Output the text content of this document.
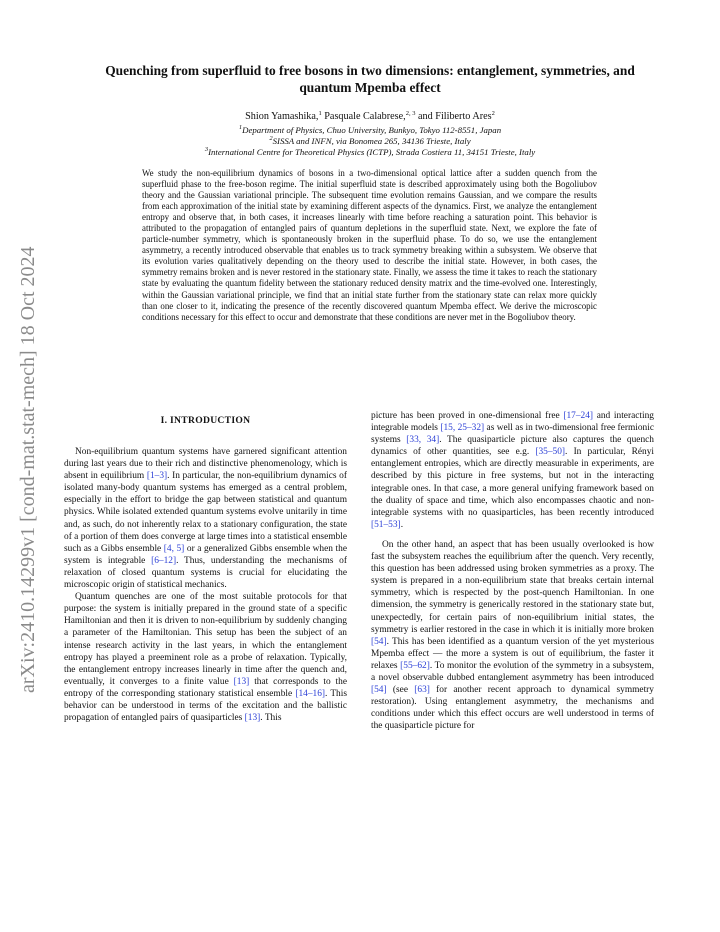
arXiv:2410.14299v1 [cond-mat.stat-mech] 18 Oct 2024
Quenching from superfluid to free bosons in two dimensions: entanglement, symmetries, and quantum Mpemba effect
Shion Yamashika,$^1$ Pasquale Calabrese,$^{2, 3}$ and Filiberto Ares$^2$
$^1$Department of Physics, Chuo University, Bunkyo, Tokyo 112-8551, Japan
$^2$SISSA and INFN, via Bonomea 265, 34136 Trieste, Italy
$^3$International Centre for Theoretical Physics (ICTP), Strada Costiera 11, 34151 Trieste, Italy
We study the non-equilibrium dynamics of bosons in a two-dimensional optical lattice after a sudden quench from the superfluid phase to the free-boson regime. The initial superfluid state is described approximately using both the Bogoliubov theory and the Gaussian variational principle. The subsequent time evolution remains Gaussian, and we compare the results from each approximation of the initial state by examining different aspects of the dynamics. First, we analyze the entanglement entropy and observe that, in both cases, it increases linearly with time before reaching a saturation point. This behavior is attributed to the propagation of entangled pairs of quantum depletions in the superfluid state. Next, we explore the fate of particle-number symmetry, which is spontaneously broken in the superfluid phase. To do so, we use the entanglement asymmetry, a recently introduced observable that enables us to track symmetry breaking within a subsystem. We observe that its evolution varies qualitatively depending on the theory used to describe the initial state. However, in both cases, the symmetry remains broken and is never restored in the stationary state. Finally, we assess the time it takes to reach the stationary state by evaluating the quantum fidelity between the stationary reduced density matrix and the time-evolved one. Interestingly, within the Gaussian variational principle, we find that an initial state further from the stationary state can relax more quickly than one closer to it, indicating the presence of the recently discovered quantum Mpemba effect. We derive the microscopic conditions necessary for this effect to occur and demonstrate that these conditions are never met in the Bogoliubov theory.
I. INTRODUCTION

Non-equilibrium quantum systems have garnered significant attention during last years due to their rich and distinctive phenomenology, which is absent in equilibrium [1–3]. In particular, the non-equilibrium dynamics of isolated many-body quantum systems has emerged as a central problem, especially in the effort to bridge the gap between statistical and quantum physics. While isolated extended quantum systems evolve unitarily in time and, as such, do not inherently relax to a stationary configuration, the state of a portion of them does converge at large times into a statistical ensemble such as a Gibbs ensemble [4, 5] or a generalized Gibbs ensemble when the system is integrable [6–12]. Thus, understanding the mechanisms of relaxation of closed quantum systems is crucial for elucidating the microscopic origin of statistical mechanics.

Quantum quenches are one of the most suitable protocols for that purpose: the system is initially prepared in the ground state of a specific Hamiltonian and then it is driven to non-equilibrium by suddenly changing a parameter of the Hamiltonian. This setup has been the subject of an intense research activity in the last years, in which the entanglement entropy has played a preeminent role as a probe of relaxation. Typically, the entanglement entropy increases linearly in time after the quench and, eventually, it converges to a finite value [13] that corresponds to the entropy of the corresponding stationary statistical ensemble [14–16]. This behavior can be understood in terms of the excitation and the ballistic propagation of entangled pairs of quasiparticles [13]. This

picture has been proved in one-dimensional free [17–24] and interacting integrable models [15, 25–32] as well as in two-dimensional free fermionic systems [33, 34]. The quasiparticle picture also captures the quench dynamics of other quantities, see e.g. [35–50]. In particular, Rényi entanglement entropies, which are directly measurable in experiments, are described by this picture in free systems, but not in the interacting integrable ones. In that case, a more general unifying framework based on the duality of space and time, which also encompasses chaotic and non-integrable systems with no quasiparticles, has been recently introduced [51–53].

On the other hand, an aspect that has been usually overlooked is how fast the subsystem reaches the equilibrium after the quench. Very recently, this question has been addressed using broken symmetries as a proxy. The system is prepared in a non-equilibrium state that breaks certain internal symmetry, which is respected by the post-quench Hamiltonian. In one dimension, the symmetry is generically restored in the stationary state but, unexpectedly, for certain pairs of non-equilibrium initial states, the symmetry is earlier restored in the case in which it is initially more broken [54]. This has been identified as a quantum version of the yet mysterious Mpemba effect — the more a system is out of equilibrium, the faster it relaxes [55–62]. To monitor the evolution of the symmetry in a subsystem, a novel observable dubbed entanglement asymmetry has been introduced [54] (see [63] for another recent approach to dynamical symmetry restoration). Using entanglement asymmetry, the mechanisms and conditions under which this effect occurs are well understood in terms of the quasiparticle picture for
